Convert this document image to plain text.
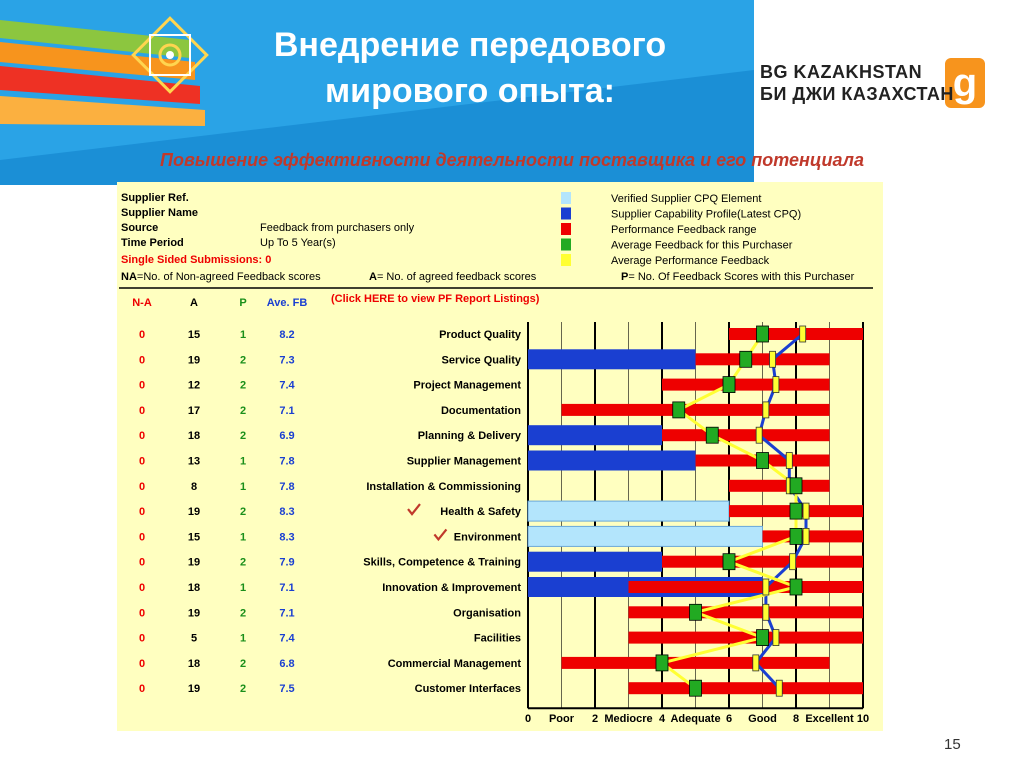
g
Внедрение передового
мирового опыта:	BG KAZAKHSTAN
БИ ДЖИ КАЗАХСТАН
Повышение эффективности деятельности поставщика и его потенциала
Supplier Ref.
Supplier Name
Source	Feedback from purchasers only
Time Period	Up To 5 Year(s)
Single Sided Submissions: 0
NA=No. of Non-agreed Feedback scores	A= No. of agreed feedback scores	P= No. Of Feedback Scores with this Purchaser
(Click HERE to view PF Report Listings)
Verified Supplier CPQ Element
Supplier Capability Profile(Latest CPQ)
Performance Feedback range
Average Feedback for this Purchaser
Average Performance Feedback
N-A	A	P Ave. FB
0	15	1	8.2	Product Quality
0	19	2	7.3	Service Quality
0	12	2	7.4	Project Management
0	17	2	7.1	Documentation
0	18	2	6.9	Planning & Delivery
0	13	1	7.8	Supplier Management
0	8	1	7.8	Installation & Commissioning
0	19	2	8.3	Health & Safety
0	15	1	8.3	Environment
0	19	2	7.9	Skills, Competence & Training
0	18	1	7.1	Innovation & Improvement
0	19	2	7.1	Organisation
0	5	1	7.4	Facilities
0	18	2	6.8	Commercial Management
0	19	2	7.5	Customer Interfaces
0 Poor 2 Mediocre 4 Adequate 6 Good 8 Excellent 10
15
